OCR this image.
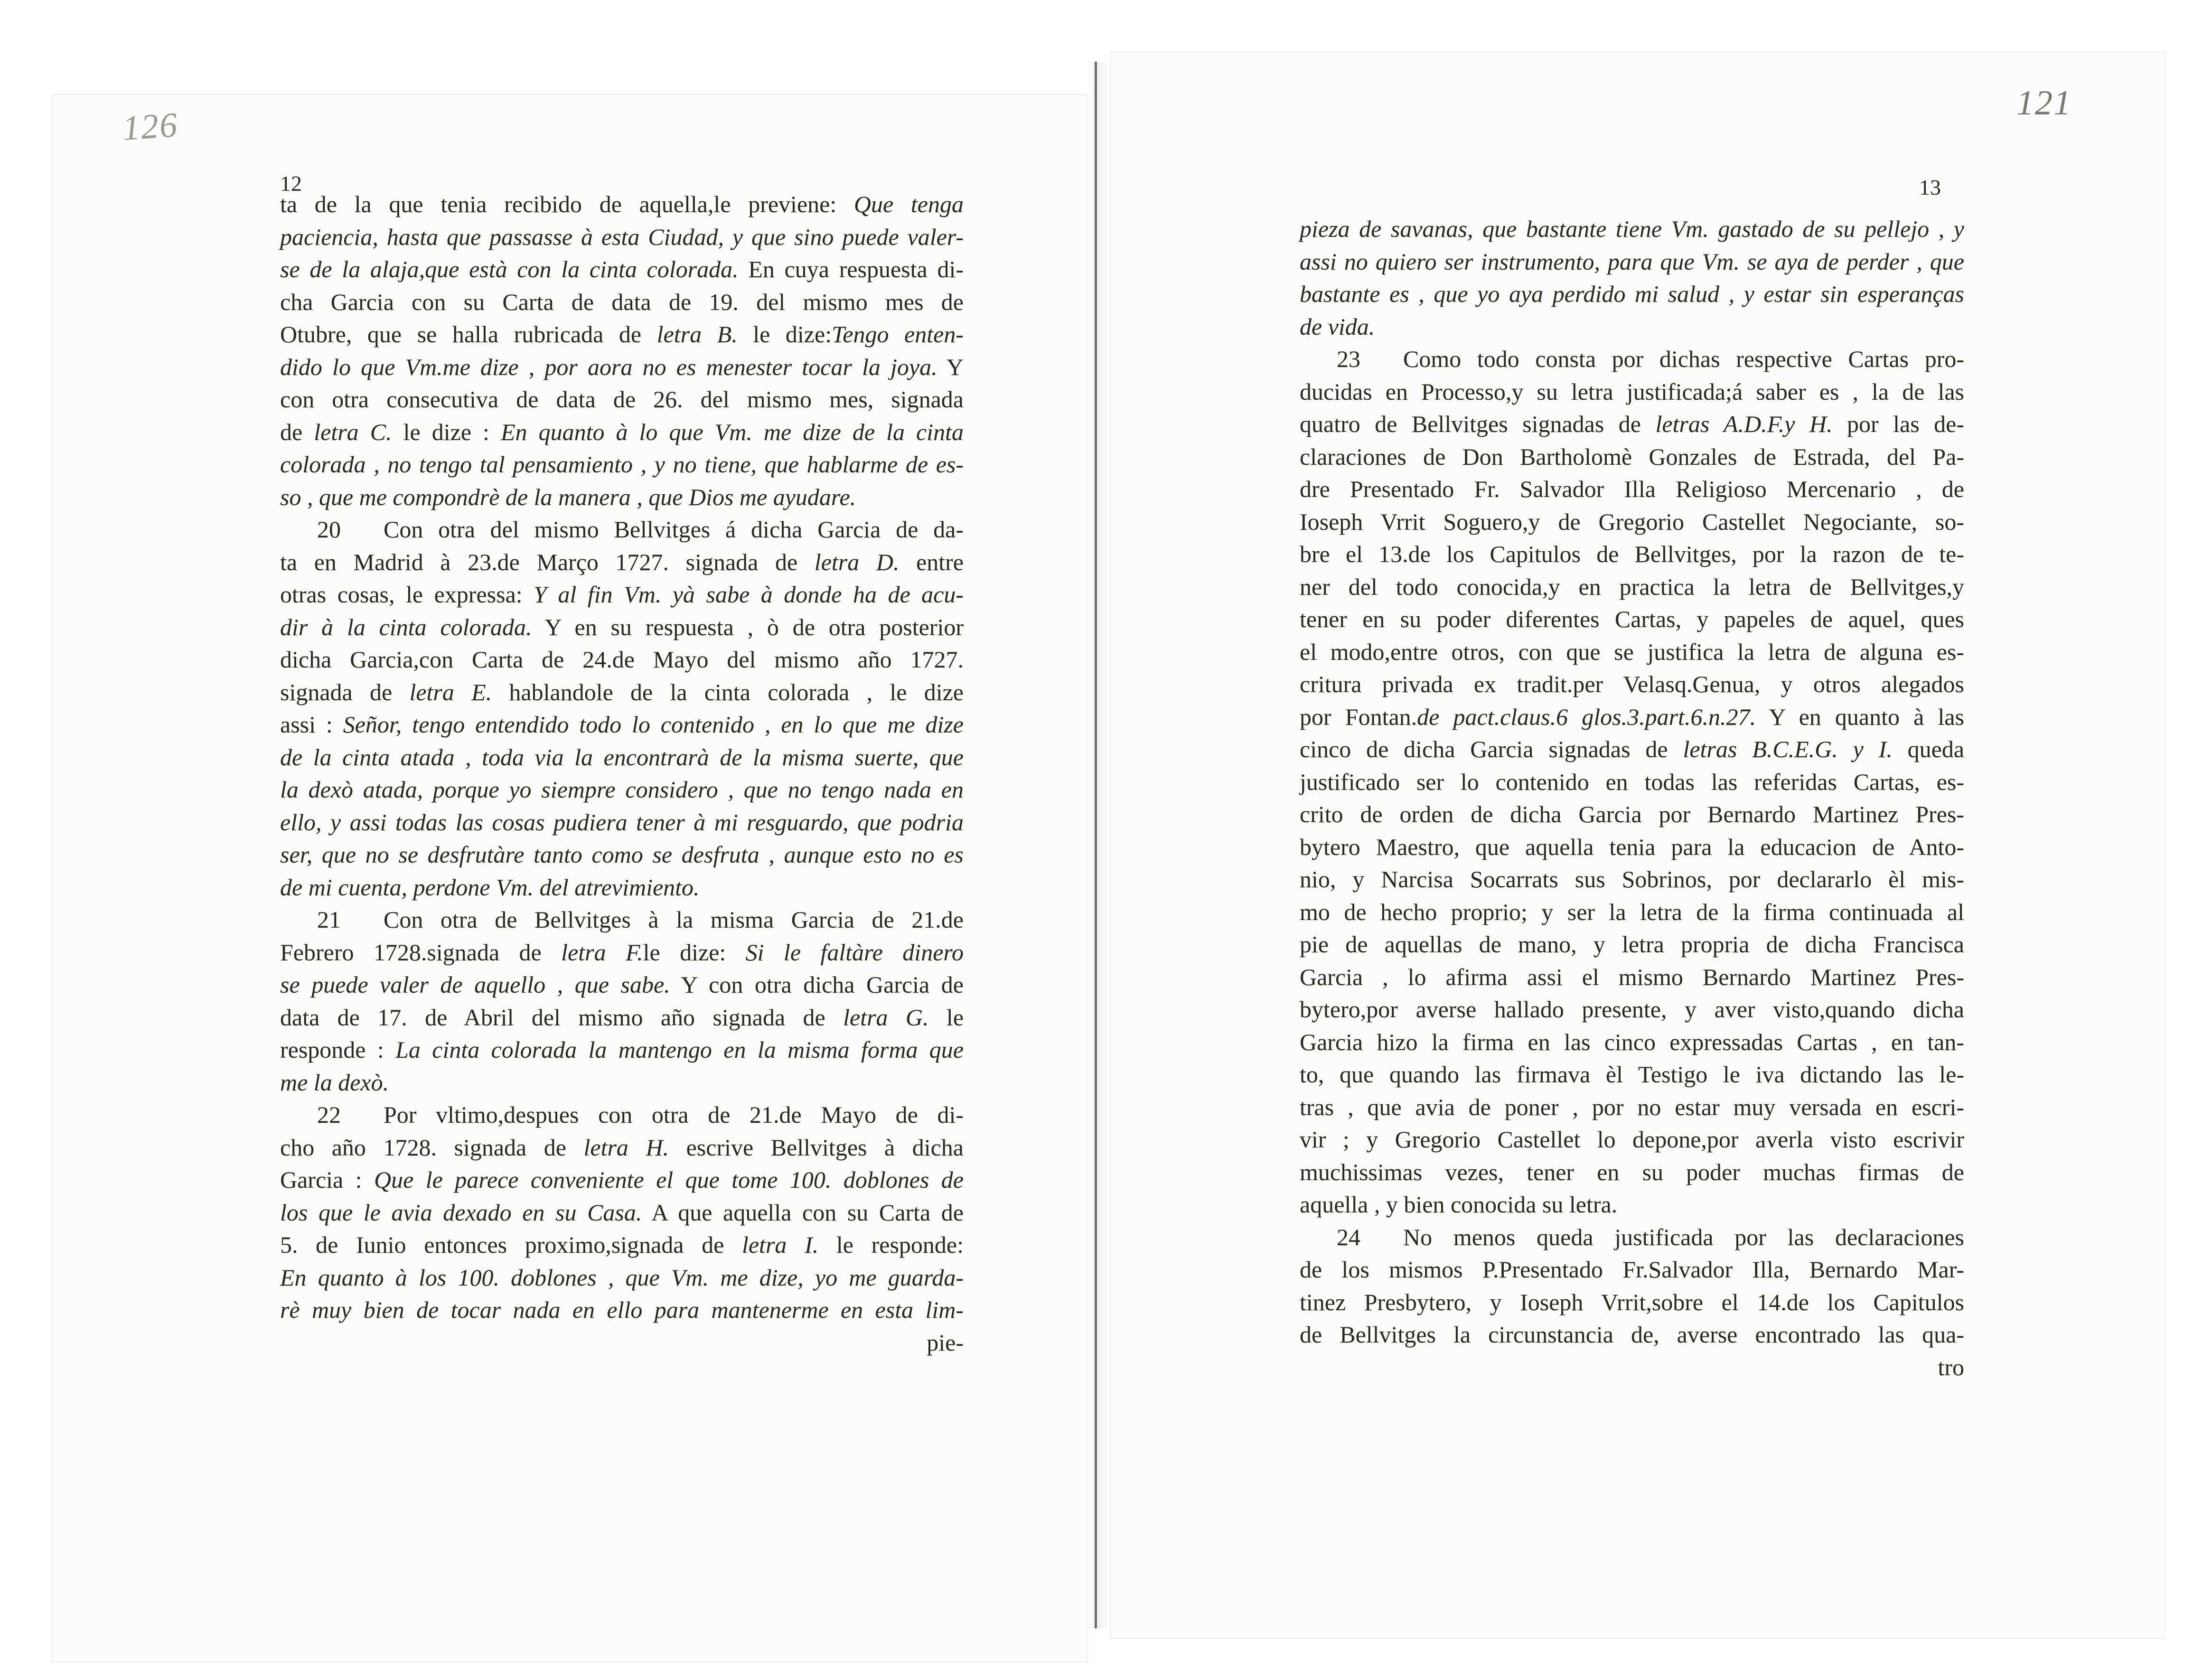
126
121
12	13
ta de la que tenia recibido de aquella,le previene: Que tenga
paciencia, hasta que passasse à esta Ciudad, y que sino puede valer-
se de la alaja,que està con la cinta colorada. En cuya respuesta di-
cha Garcia con su Carta de data de 19. del mismo mes de
Otubre, que se halla rubricada de letra B. le dize:Tengo enten-
dido lo que Vm.me dize , por aora no es menester tocar la joya. Y
con otra consecutiva de data de 26. del mismo mes, signada
de letra C. le dize : En quanto à lo que Vm. me dize de la cinta
colorada , no tengo tal pensamiento , y no tiene, que hablarme de es-
so , que me compondrè de la manera , que Dios me ayudare.
20 Con otra del mismo Bellvitges á dicha Garcia de da-
ta en Madrid à 23.de Março 1727. signada de letra D. entre
otras cosas, le expressa: Y al fin Vm. yà sabe à donde ha de acu-
dir à la cinta colorada. Y en su respuesta , ò de otra posterior
dicha Garcia,con Carta de 24.de Mayo del mismo año 1727.
signada de letra E. hablandole de la cinta colorada , le dize
assi : Señor, tengo entendido todo lo contenido , en lo que me dize
de la cinta atada , toda via la encontrarà de la misma suerte, que
la dexò atada, porque yo siempre considero , que no tengo nada en
ello, y assi todas las cosas pudiera tener à mi resguardo, que podria
ser, que no se desfrutàre tanto como se desfruta , aunque esto no es
de mi cuenta, perdone Vm. del atrevimiento.
21 Con otra de Bellvitges à la misma Garcia de 21.de
Febrero 1728.signada de letra F.le dize: Si le faltàre dinero
se puede valer de aquello , que sabe. Y con otra dicha Garcia de
data de 17. de Abril del mismo año signada de letra G. le
responde : La cinta colorada la mantengo en la misma forma que
me la dexò.
22 Por vltimo,despues con otra de 21.de Mayo de di-
cho año 1728. signada de letra H. escrive Bellvitges à dicha
Garcia : Que le parece conveniente el que tome 100. doblones de
los que le avia dexado en su Casa. A que aquella con su Carta de
5. de Iunio entonces proximo,signada de letra I. le responde:
En quanto à los 100. doblones , que Vm. me dize, yo me guarda-
rè muy bien de tocar nada en ello para mantenerme en esta lim-
pie-
pieza de savanas, que bastante tiene Vm. gastado de su pellejo , y
assi no quiero ser instrumento, para que Vm. se aya de perder , que
bastante es , que yo aya perdido mi salud , y estar sin esperanças
de vida.
23 Como todo consta por dichas respective Cartas pro-
ducidas en Processo,y su letra justificada;á saber es , la de las
quatro de Bellvitges signadas de letras A.D.F.y H. por las de-
claraciones de Don Bartholomè Gonzales de Estrada, del Pa-
dre Presentado Fr. Salvador Illa Religioso Mercenario , de
Ioseph Vrrit Soguero,y de Gregorio Castellet Negociante, so-
bre el 13.de los Capitulos de Bellvitges, por la razon de te-
ner del todo conocida,y en practica la letra de Bellvitges,y
tener en su poder diferentes Cartas, y papeles de aquel, ques
el modo,entre otros, con que se justifica la letra de alguna es-
critura privada ex tradit.per Velasq.Genua, y otros alegados
por Fontan.de pact.claus.6 glos.3.part.6.n.27. Y en quanto à las
cinco de dicha Garcia signadas de letras B.C.E.G. y I. queda
justificado ser lo contenido en todas las referidas Cartas, es-
crito de orden de dicha Garcia por Bernardo Martinez Pres-
bytero Maestro, que aquella tenia para la educacion de Anto-
nio, y Narcisa Socarrats sus Sobrinos, por declararlo èl mis-
mo de hecho proprio; y ser la letra de la firma continuada al
pie de aquellas de mano, y letra propria de dicha Francisca
Garcia , lo afirma assi el mismo Bernardo Martinez Pres-
bytero,por averse hallado presente, y aver visto,quando dicha
Garcia hizo la firma en las cinco expressadas Cartas , en tan-
to, que quando las firmava èl Testigo le iva dictando las le-
tras , que avia de poner , por no estar muy versada en escri-
vir ; y Gregorio Castellet lo depone,por averla visto escrivir
muchissimas vezes, tener en su poder muchas firmas de
aquella , y bien conocida su letra.
24 No menos queda justificada por las declaraciones
de los mismos P.Presentado Fr.Salvador Illa, Bernardo Mar-
tinez Presbytero, y Ioseph Vrrit,sobre el 14.de los Capitulos
de Bellvitges la circunstancia de, averse encontrado las qua-
tro
